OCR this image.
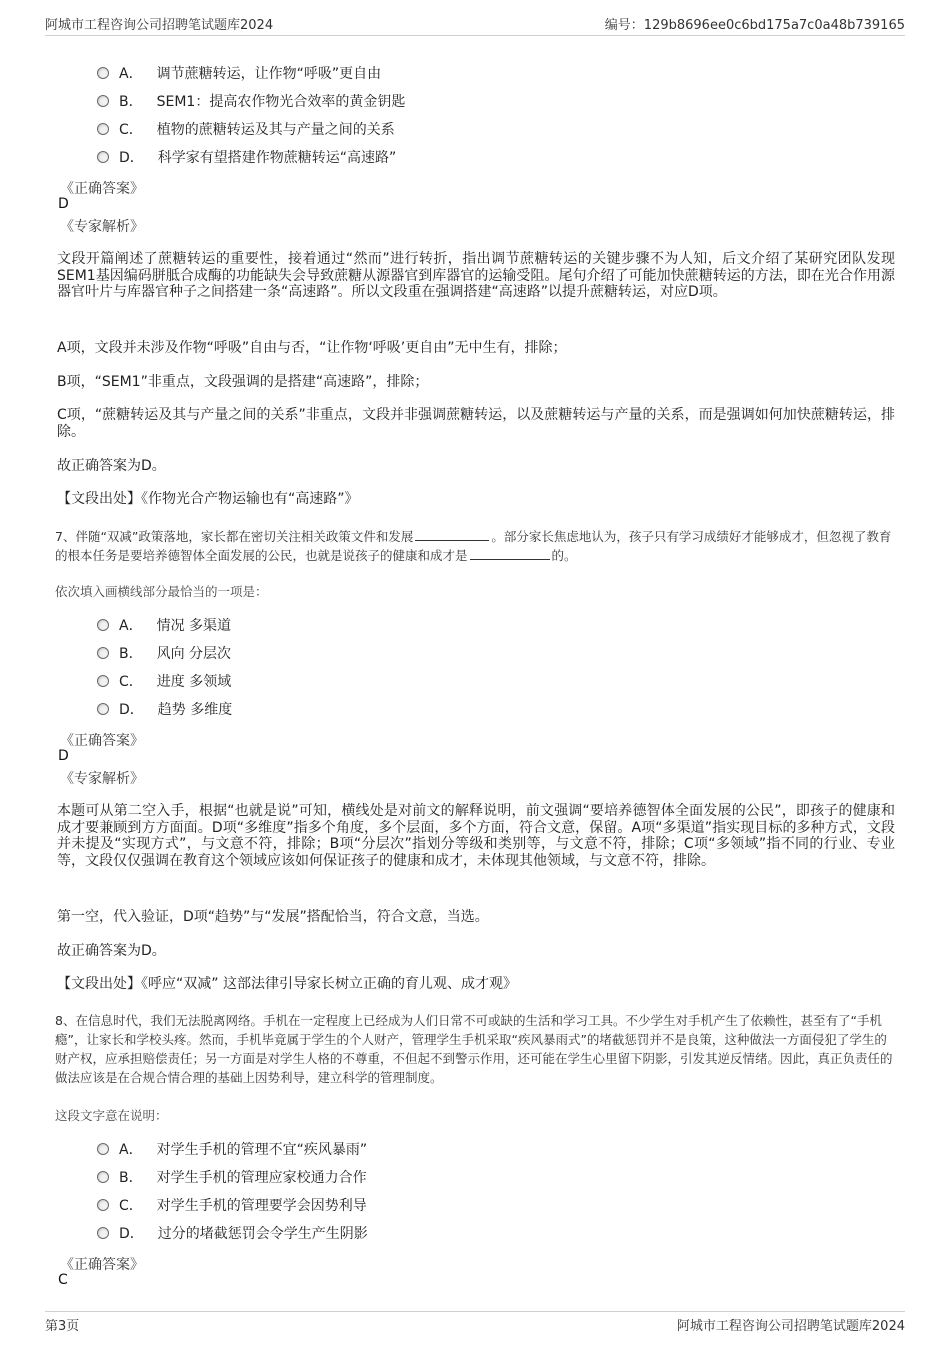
阿城市工程咨询公司招聘笔试题库2024	编号：129b8696ee0c6bd175a7c0a48b739165
A． 调节蔗糖转运，让作物“呼吸”更自由
B． SEM1：提高农作物光合效率的黄金钥匙
C． 植物的蔗糖转运及其与产量之间的关系
D． 科学家有望搭建作物蔗糖转运“高速路”
《正确答案》
D
《专家解析》
文段开篇阐述了蔗糖转运的重要性，接着通过“然而”进行转折，指出调节蔗糖转运的关键步骤不为人知，后文介绍了某研究团队发现SEM1基因编码胼胝合成酶的功能缺失会导致蔗糖从源器官到库器官的运输受阻。尾句介绍了可能加快蔗糖转运的方法，即在光合作用源器官叶片与库器官种子之间搭建一条“高速路”。所以文段重在强调搭建“高速路”以提升蔗糖转运，对应D项。
A项，文段并未涉及作物“呼吸”自由与否，“让作物‘呼吸’更自由”无中生有，排除；
B项，“SEM1”非重点，文段强调的是搭建“高速路”，排除；
C项，“蔗糖转运及其与产量之间的关系”非重点，文段并非强调蔗糖转运，以及蔗糖转运与产量的关系，而是强调如何加快蔗糖转运，排除。
故正确答案为D。
【文段出处】《作物光合产物运输也有“高速路”》
7、伴随“双减”政策落地，家长都在密切关注相关政策文件和发展	。部分家长焦虑地认为，孩子只有学习成绩好才能够成才，但忽视了教育的根本任务是要培养德智体全面发展的公民，也就是说孩子的健康和成才是	的。
依次填入画横线部分最恰当的一项是：
A． 情况 多渠道
B． 风向 分层次
C． 进度 多领域
D． 趋势 多维度
《正确答案》
D
《专家解析》
本题可从第二空入手，根据“也就是说”可知，横线处是对前文的解释说明，前文强调“要培养德智体全面发展的公民”，即孩子的健康和成才要兼顾到方方面面。D项“多维度”指多个角度，多个层面，多个方面，符合文意，保留。A项“多渠道”指实现目标的多种方式，文段并未提及“实现方式”，与文意不符，排除；B项“分层次”指划分等级和类别等，与文意不符，排除；C项“多领域”指不同的行业、专业等，文段仅仅强调在教育这个领域应该如何保证孩子的健康和成才，未体现其他领域，与文意不符，排除。
第一空，代入验证，D项“趋势”与“发展”搭配恰当，符合文意，当选。
故正确答案为D。
【文段出处】《呼应“双减” 这部法律引导家长树立正确的育儿观、成才观》
8、在信息时代，我们无法脱离网络。手机在一定程度上已经成为人们日常不可或缺的生活和学习工具。不少学生对手机产生了依赖性，甚至有了“手机瘾”，让家长和学校头疼。然而，手机毕竟属于学生的个人财产，管理学生手机采取“疾风暴雨式”的堵截惩罚并不是良策，这种做法一方面侵犯了学生的财产权，应承担赔偿责任；另一方面是对学生人格的不尊重，不但起不到警示作用，还可能在学生心里留下阴影，引发其逆反情绪。因此，真正负责任的做法应该是在合规合情合理的基础上因势利导，建立科学的管理制度。
这段文字意在说明：
A． 对学生手机的管理不宜“疾风暴雨”
B． 对学生手机的管理应家校通力合作
C． 对学生手机的管理要学会因势利导
D． 过分的堵截惩罚会令学生产生阴影
《正确答案》
C
第3页	阿城市工程咨询公司招聘笔试题库2024
